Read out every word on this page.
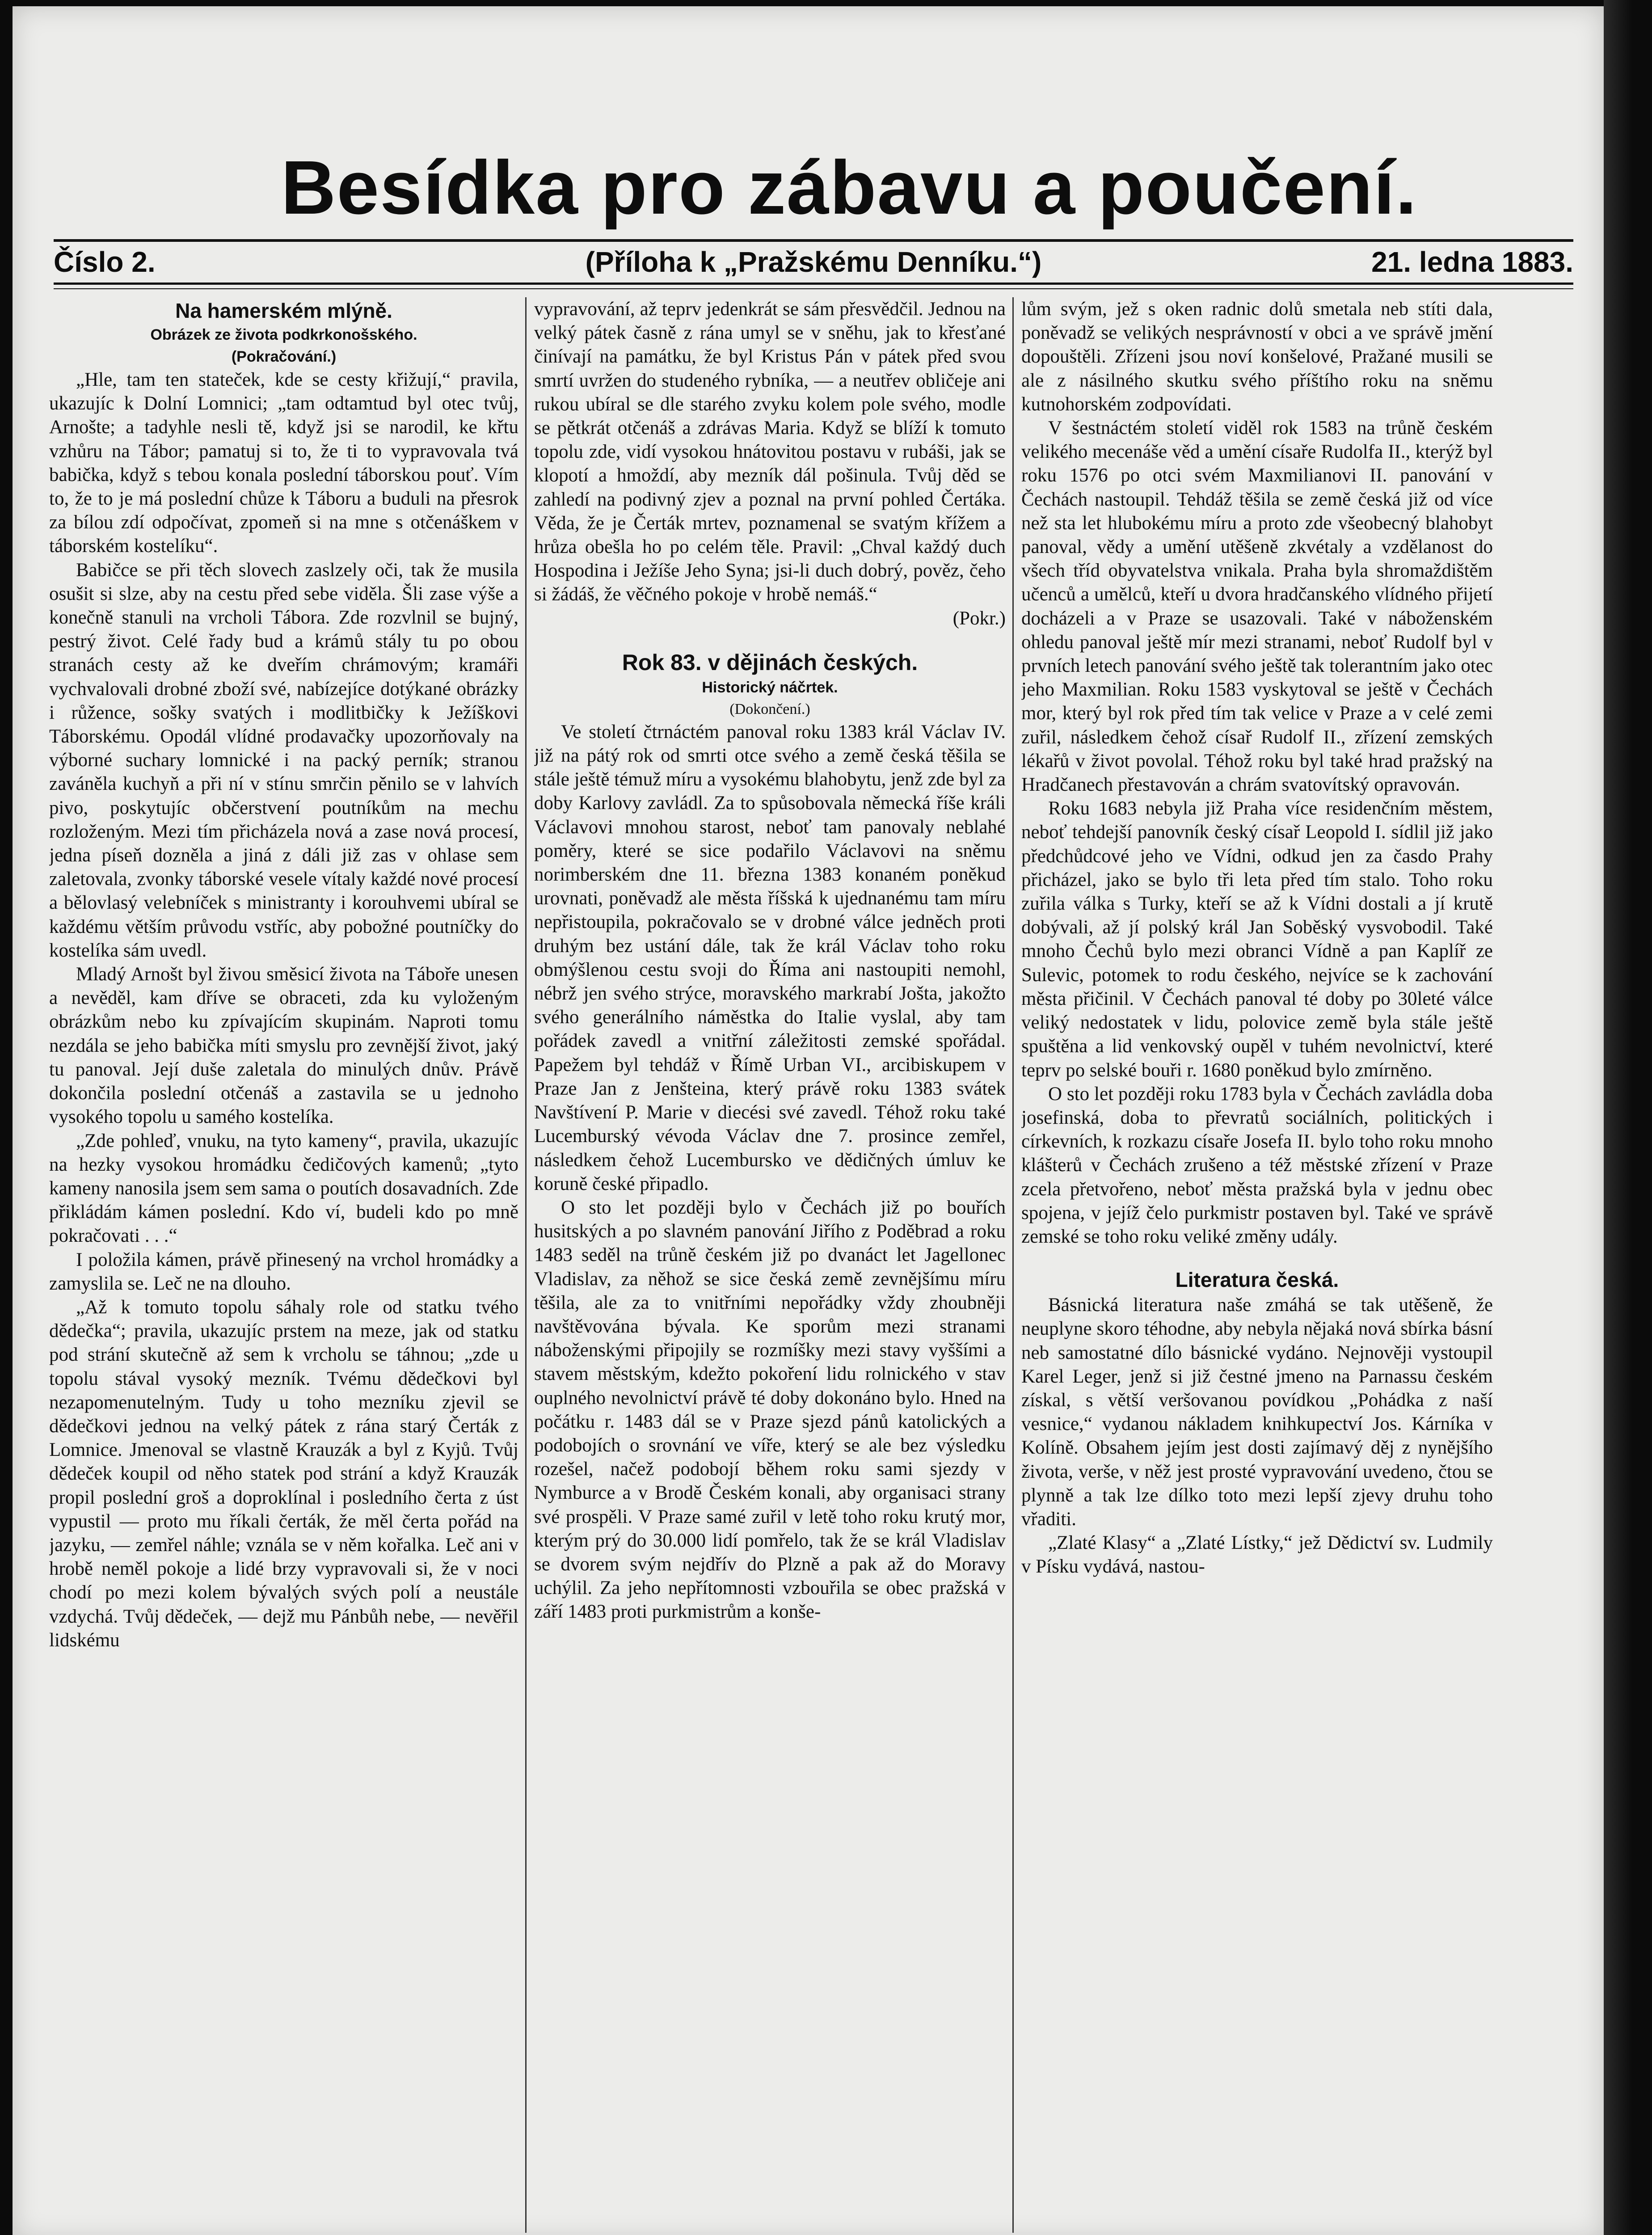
Besídka pro zábavu a poučení.
Číslo 2.	(Příloha k „Pražskému Denníku.“)	21. ledna 1883.
Na hamerském mlýně.

Obrázek ze života podkrkonošského.

(Pokračování.)

„Hle, tam ten stateček, kde se cesty křižují,“ pravila, ukazujíc k Dolní Lomnici; „tam odtamtud byl otec tvůj, Arnošte; a tadyhle nesli tě, když jsi se narodil, ke křtu vzhůru na Tábor; pamatuj si to, že ti to vypravovala tvá babička, když s tebou konala poslední táborskou pouť. Vím to, že to je má poslední chůze k Táboru a buduli na přesrok za bílou zdí odpočívat, zpomeň si na mne s otčenáškem v táborském kostelíku“.

Babičce se při těch slovech zaslzely oči, tak že musila osušit si slze, aby na cestu před sebe viděla. Šli zase výše a konečně stanuli na vrcholi Tábora. Zde rozvlnil se bujný, pestrý život. Celé řady bud a krámů stály tu po obou stranách cesty až ke dveřím chrámovým; kramáři vychvalovali drobné zboží své, nabízejíce dotýkané obrázky i růžence, sošky svatých i modlitbičky k Ježíškovi Táborskému. Opodál vlídné prodavačky upozorňovaly na výborné suchary lomnické i na packý perník; stranou zaváněla kuchyň a při ní v stínu smrčin pěnilo se v lahvích pivo, poskytujíc občerstvení poutníkům na mechu rozloženým. Mezi tím přicházela nová a zase nová procesí, jedna píseň dozněla a jiná z dáli již zas v ohlase sem zaletovala, zvonky táborské vesele vítaly každé nové procesí a bělovlasý velebníček s ministranty i korouhvemi ubíral se každému větším průvodu vstříc, aby pobožné poutníčky do kostelíka sám uvedl.

Mladý Arnošt byl živou směsicí života na Táboře unesen a nevěděl, kam dříve se obraceti, zda ku vyloženým obrázkům nebo ku zpívajícím skupinám. Naproti tomu nezdála se jeho babička míti smyslu pro zevnější život, jaký tu panoval. Její duše zaletala do minulých dnův. Právě dokončila poslední otčenáš a zastavila se u jednoho vysokého topolu u samého kostelíka.

„Zde pohleď, vnuku, na tyto kameny“, pravila, ukazujíc na hezky vysokou hromádku čedičových kamenů; „tyto kameny nanosila jsem sem sama o poutích dosavadních. Zde přikládám kámen poslední. Kdo ví, budeli kdo po mně pokračovati . . .“

I položila kámen, právě přinesený na vrchol hromádky a zamyslila se. Leč ne na dlouho.

„Až k tomuto topolu sáhaly role od statku tvého dědečka“; pravila, ukazujíc prstem na meze, jak od statku pod strání skutečně až sem k vrcholu se táhnou; „zde u topolu stával vysoký mezník. Tvému dědečkovi byl nezapomenutelným. Tudy u toho mezníku zjevil se dědečkovi jednou na velký pátek z rána starý Čerták z Lomnice. Jmenoval se vlastně Krauzák a byl z Kyjů. Tvůj dědeček koupil od něho statek pod strání a když Krauzák propil poslední groš a doproklínal i posledního čerta z úst vypustil — proto mu říkali čerták, že měl čerta pořád na jazyku, — zemřel náhle; vznála se v něm kořalka. Leč ani v hrobě neměl pokoje a lidé brzy vypravovali si, že v noci chodí po mezi kolem bývalých svých polí a neustále vzdychá. Tvůj dědeček, — dejž mu Pánbůh nebe, — nevěřil lidskému

vypravování, až teprv jedenkrát se sám přesvědčil. Jednou na velký pátek časně z rána umyl se v sněhu, jak to křesťané činívají na památku, že byl Kristus Pán v pátek před svou smrtí uvržen do studeného rybníka, — a neutřev obličeje ani rukou ubíral se dle starého zvyku kolem pole svého, modle se pětkrát otčenáš a zdrávas Maria. Když se blíží k tomuto topolu zde, vidí vysokou hnátovitou postavu v rubáši, jak se klopotí a hmoždí, aby mezník dál pošinula. Tvůj děd se zahledí na podivný zjev a poznal na první pohled Čertáka. Věda, že je Čerták mrtev, poznamenal se svatým křížem a hrůza obešla ho po celém těle. Pravil: „Chval každý duch Hospodina i Ježíše Jeho Syna; jsi-li duch dobrý, pověz, čeho si žádáš, že věčného pokoje v hrobě nemáš.“

(Pokr.)
Rok 83. v dějinách českých.

Historický náčrtek.

(Dokončení.)

Ve století čtrnáctém panoval roku 1383 král Václav IV. již na pátý rok od smrti otce svého a země česká těšila se stále ještě témuž míru a vysokému blahobytu, jenž zde byl za doby Karlovy zavládl. Za to spůsobovala německá říše králi Václavovi mnohou starost, neboť tam panovaly neblahé poměry, které se sice podařilo Václavovi na sněmu norimberském dne 11. března 1383 konaném poněkud urovnati, poněvadž ale města říšská k ujednanému tam míru nepřistoupila, pokračovalo se v drobné válce jedněch proti druhým bez ustání dále, tak že král Václav toho roku obmýšlenou cestu svoji do Říma ani nastoupiti nemohl, nébrž jen svého strýce, moravského markrabí Jošta, jakožto svého generálního náměstka do Italie vyslal, aby tam pořádek zavedl a vnitřní záležitosti zemské spořádal. Papežem byl tehdáž v Římě Urban VI., arcibiskupem v Praze Jan z Jenšteina, který právě roku 1383 svátek Navštívení P. Marie v diecési své zavedl. Téhož roku také Lucemburský vévoda Václav dne 7. prosince zemřel, následkem čehož Lucembursko ve dědičných úmluv ke koruně české připadlo.

O sto let později bylo v Čechách již po bouřích husitských a po slavném panování Jiřího z Poděbrad a roku 1483 seděl na trůně českém již po dvanáct let Jagellonec Vladislav, za něhož se sice česká země zevnějšímu míru těšila, ale za to vnitřními nepořádky vždy zhoubněji navštěvována bývala. Ke sporům mezi stranami náboženskými připojily se rozmíšky mezi stavy vyššími a stavem městským, kdežto pokoření lidu rolnického v stav ouplného nevolnictví právě té doby dokonáno bylo. Hned na počátku r. 1483 dál se v Praze sjezd pánů katolických a podobojích o srovnání ve víře, který se ale bez výsledku rozešel, načež podobojí během roku sami sjezdy v Nymburce a v Brodě Českém konali, aby organisaci strany své prospěli. V Praze samé zuřil v letě toho roku krutý mor, kterým prý do 30.000 lidí pomřelo, tak že se král Vladislav se dvorem svým nejdřív do Plzně a pak až do Moravy uchýlil. Za jeho nepřítomnosti vzbouřila se obec pražská v září 1483 proti purkmistrům a konše-

lům svým, jež s oken radnic dolů smetala neb stíti dala, poněvadž se velikých nesprávností v obci a ve správě jmění dopouštěli. Zřízeni jsou noví konšelové, Pražané musili se ale z násilného skutku svého příštího roku na sněmu kutnohorském zodpovídati.

V šestnáctém století viděl rok 1583 na trůně českém velikého mecenáše věd a umění císaře Rudolfa II., kterýž byl roku 1576 po otci svém Maxmilianovi II. panování v Čechách nastoupil. Tehdáž těšila se země česká již od více než sta let hlubokému míru a proto zde všeobecný blahobyt panoval, vědy a umění utěšeně zkvétaly a vzdělanost do všech tříd obyvatelstva vnikala. Praha byla shromaždištěm učenců a umělců, kteří u dvora hradčanského vlídného přijetí docházeli a v Praze se usazovali. Také v náboženském ohledu panoval ještě mír mezi stranami, neboť Rudolf byl v prvních letech panování svého ještě tak tolerantním jako otec jeho Maxmilian. Roku 1583 vyskytoval se ještě v Čechách mor, který byl rok před tím tak velice v Praze a v celé zemi zuřil, následkem čehož císař Rudolf II., zřízení zemských lékařů v život povolal. Téhož roku byl také hrad pražský na Hradčanech přestavován a chrám svatovítský opravován.

Roku 1683 nebyla již Praha více residenčním městem, neboť tehdejší panovník český císař Leopold I. sídlil již jako předchůdcové jeho ve Vídni, odkud jen za časdo Prahy přicházel, jako se bylo tři leta před tím stalo. Toho roku zuřila válka s Turky, kteří se až k Vídni dostali a jí krutě dobývali, až jí polský král Jan Soběský vysvobodil. Také mnoho Čechů bylo mezi obranci Vídně a pan Kaplíř ze Sulevic, potomek to rodu českého, nejvíce se k zachování města přičinil. V Čechách panoval té doby po 30leté válce veliký nedostatek v lidu, polovice země byla stále ještě spuštěna a lid venkovský oupěl v tuhém nevolnictví, které teprv po selské bouři r. 1680 poněkud bylo zmírněno.

O sto let později roku 1783 byla v Čechách zavládla doba josefinská, doba to převratů sociálních, politických i církevních, k rozkazu císaře Josefa II. bylo toho roku mnoho klášterů v Čechách zrušeno a též městské zřízení v Praze zcela přetvořeno, neboť města pražská byla v jednu obec spojena, v jejíž čelo purkmistr postaven byl. Také ve správě zemské se toho roku veliké změny udály.

Literatura česká.

Básnická literatura naše zmáhá se tak utěšeně, že neuplyne skoro téhodne, aby nebyla nějaká nová sbírka básní neb samostatné dílo básnické vydáno. Nejnověji vystoupil Karel Leger, jenž si již čestné jmeno na Parnassu českém získal, s větší veršovanou povídkou „Pohádka z naší vesnice,“ vydanou nákladem knihkupectví Jos. Kárníka v Kolíně. Obsahem jejím jest dosti zajímavý děj z nynějšího života, verše, v něž jest prosté vypravování uvedeno, čtou se plynně a tak lze dílko toto mezi lepší zjevy druhu toho vřaditi.

„Zlaté Klasy“ a „Zlaté Lístky,“ jež Dědictví sv. Ludmily v Písku vydává, nastou-
